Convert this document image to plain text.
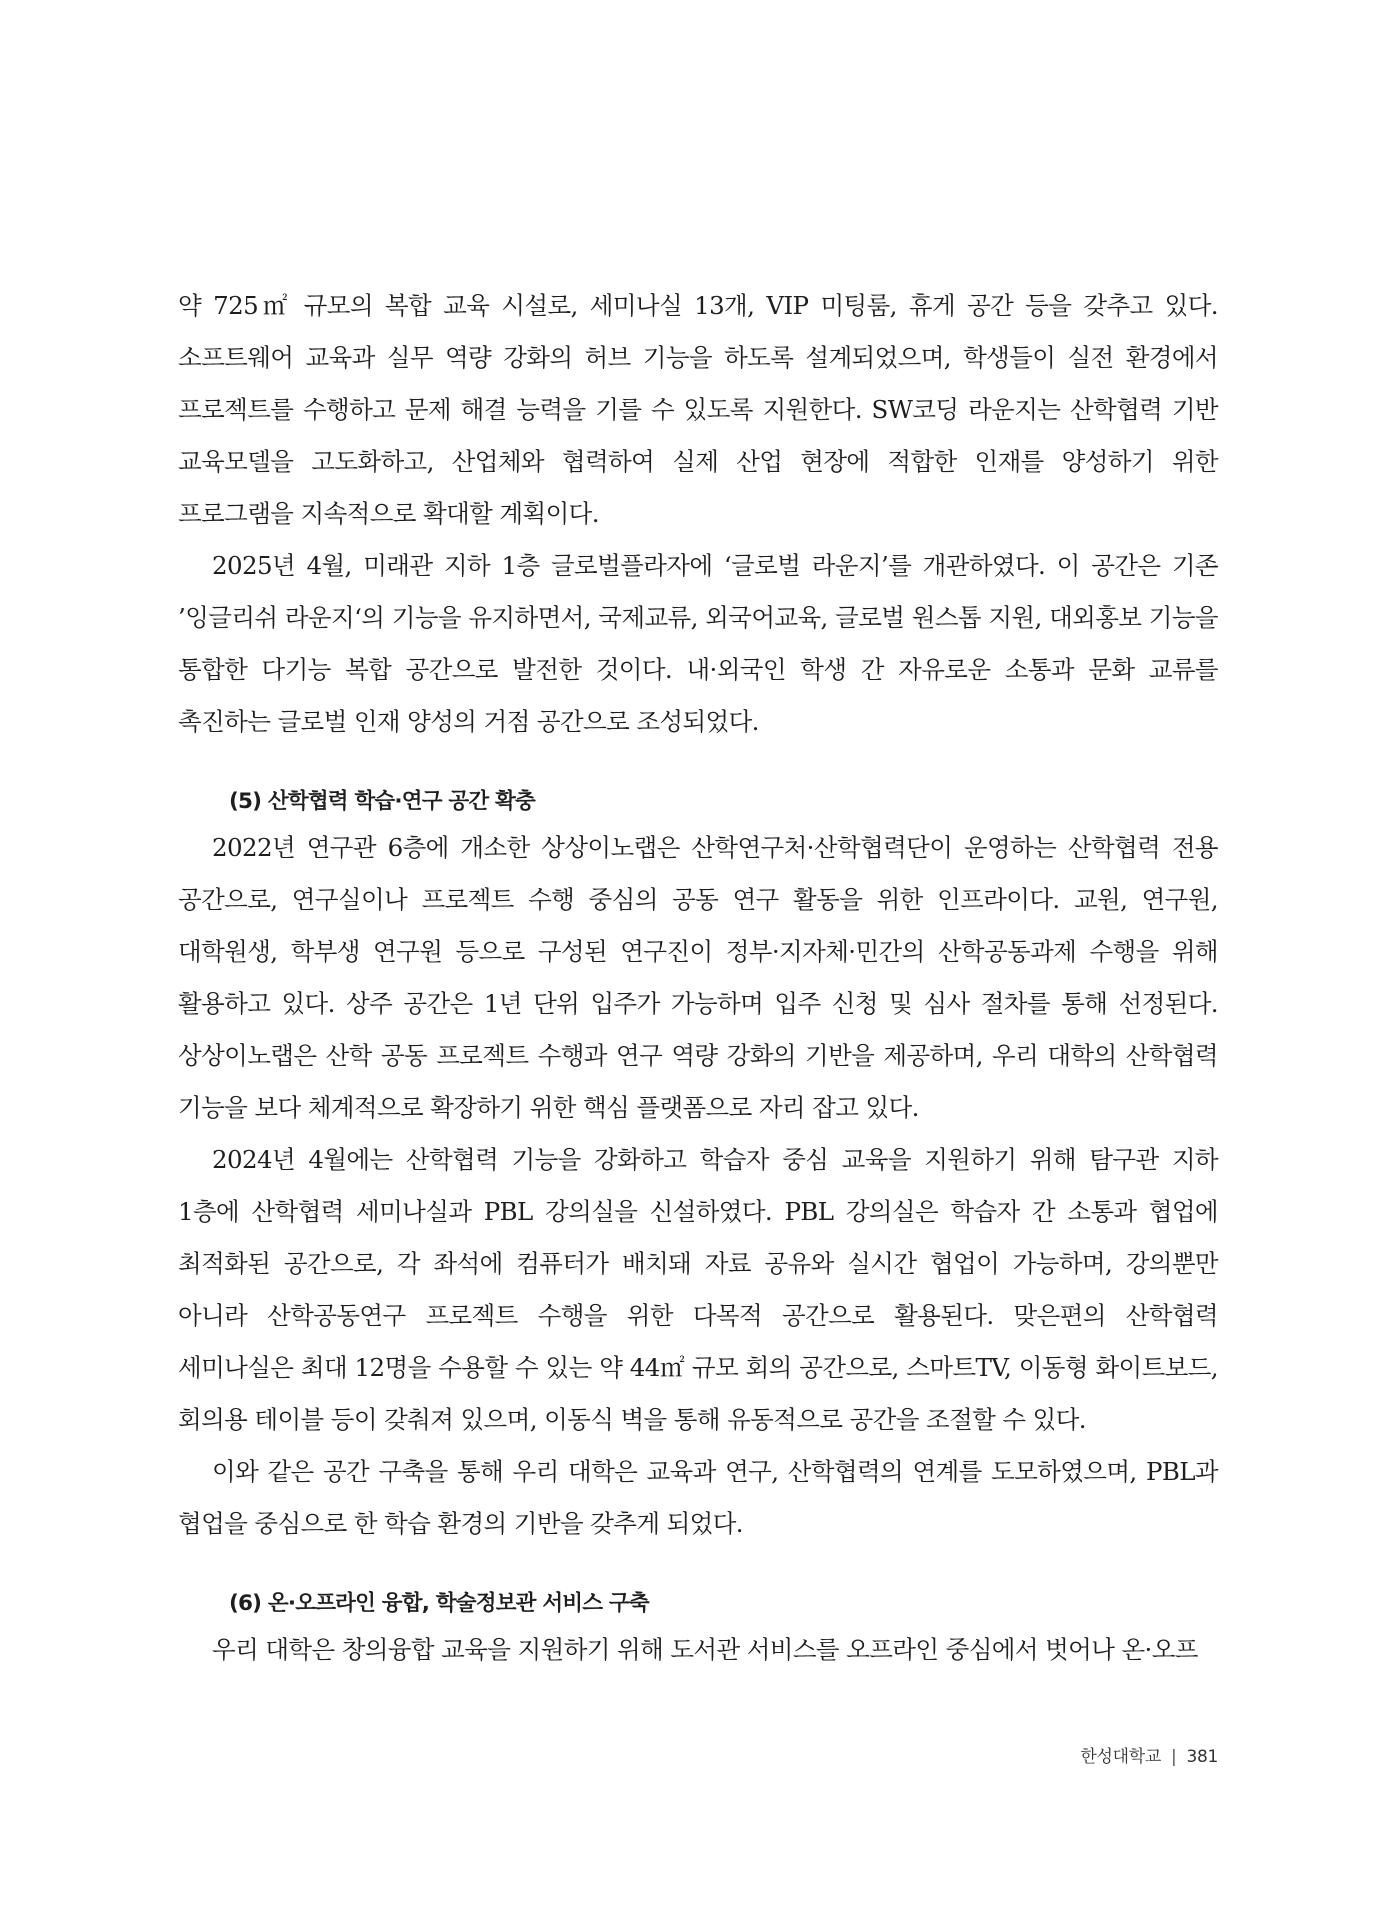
약 725㎡ 규모의 복합 교육 시설로, 세미나실 13개, VIP 미팅룸, 휴게 공간 등을 갖추고 있다. 소프트웨어 교육과 실무 역량 강화의 허브 기능을 하도록 설계되었으며, 학생들이 실전 환경에서 프로젝트를 수행하고 문제 해결 능력을 기를 수 있도록 지원한다. SW코딩 라운지는 산학협력 기반 교육모델을 고도화하고, 산업체와 협력하여 실제 산업 현장에 적합한 인재를 양성하기 위한 프로그램을 지속적으로 확대할 계획이다.

2025년 4월, 미래관 지하 1층 글로벌플라자에 ‘글로벌 라운지’를 개관하였다. 이 공간은 기존 ’잉글리쉬 라운지‘의 기능을 유지하면서, 국제교류, 외국어교육, 글로벌 원스톱 지원, 대외홍보 기능을 통합한 다기능 복합 공간으로 발전한 것이다. 내·외국인 학생 간 자유로운 소통과 문화 교류를 촉진하는 글로벌 인재 양성의 거점 공간으로 조성되었다.

(5) 산학협력 학습·연구 공간 확충

2022년 연구관 6층에 개소한 상상이노랩은 산학연구처·산학협력단이 운영하는 산학협력 전용 공간으로, 연구실이나 프로젝트 수행 중심의 공동 연구 활동을 위한 인프라이다. 교원, 연구원, 대학원생, 학부생 연구원 등으로 구성된 연구진이 정부·지자체·민간의 산학공동과제 수행을 위해 활용하고 있다. 상주 공간은 1년 단위 입주가 가능하며 입주 신청 및 심사 절차를 통해 선정된다. 상상이노랩은 산학 공동 프로젝트 수행과 연구 역량 강화의 기반을 제공하며, 우리 대학의 산학협력 기능을 보다 체계적으로 확장하기 위한 핵심 플랫폼으로 자리 잡고 있다.

2024년 4월에는 산학협력 기능을 강화하고 학습자 중심 교육을 지원하기 위해 탐구관 지하 1층에 산학협력 세미나실과 PBL 강의실을 신설하였다. PBL 강의실은 학습자 간 소통과 협업에 최적화된 공간으로, 각 좌석에 컴퓨터가 배치돼 자료 공유와 실시간 협업이 가능하며, 강의뿐만 아니라 산학공동연구 프로젝트 수행을 위한 다목적 공간으로 활용된다. 맞은편의 산학협력 세미나실은 최대 12명을 수용할 수 있는 약 44㎡ 규모 회의 공간으로, 스마트TV, 이동형 화이트보드, 회의용 테이블 등이 갖춰져 있으며, 이동식 벽을 통해 유동적으로 공간을 조절할 수 있다.

이와 같은 공간 구축을 통해 우리 대학은 교육과 연구, 산학협력의 연계를 도모하였으며, PBL과 협업을 중심으로 한 학습 환경의 기반을 갖추게 되었다.

(6) 온·오프라인 융합, 학술정보관 서비스 구축

우리 대학은 창의융합 교육을 지원하기 위해 도서관 서비스를 오프라인 중심에서 벗어나 온·오프

한성대학교 | 381
